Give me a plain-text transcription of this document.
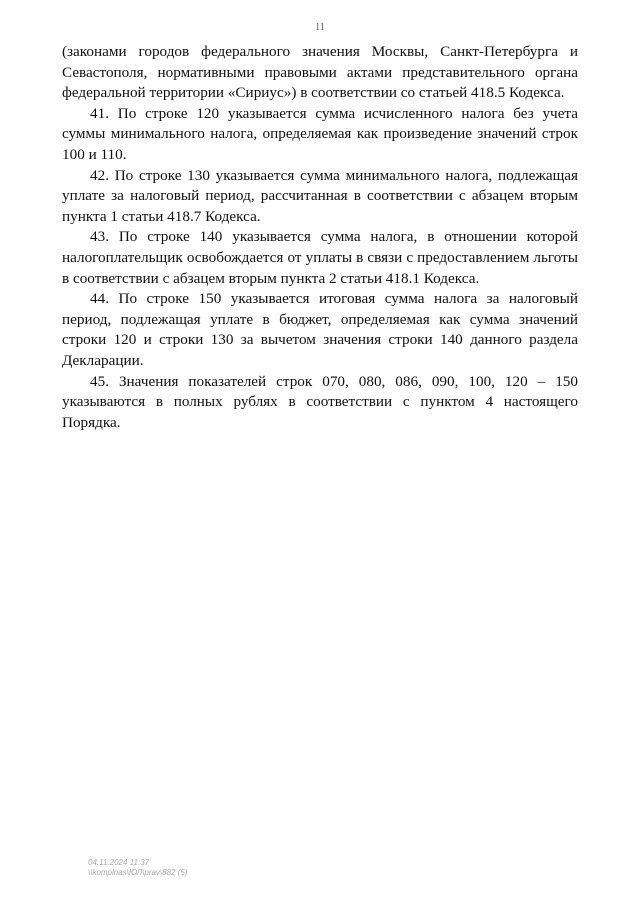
11

(законами городов федерального значения Москвы, Санкт-Петербурга и Севастополя, нормативными правовыми актами представительного органа федеральной территории «Сириус») в соответствии со статьей 418.5 Кодекса.

41. По строке 120 указывается сумма исчисленного налога без учета суммы минимального налога, определяемая как произведение значений строк 100 и 110.

42. По строке 130 указывается сумма минимального налога, подлежащая уплате за налоговый период, рассчитанная в соответствии с абзацем вторым пункта 1 статьи 418.7 Кодекса.

43. По строке 140 указывается сумма налога, в отношении которой налогоплательщик освобождается от уплаты в связи с предоставлением льготы в соответствии с абзацем вторым пункта 2 статьи 418.1 Кодекса.

44. По строке 150 указывается итоговая сумма налога за налоговый период, подлежащая уплате в бюджет, определяемая как сумма значений строки 120 и строки 130 за вычетом значения строки 140 данного раздела Декларации.

45. Значения показателей строк 070, 080, 086, 090, 100, 120 – 150 указываются в полных рублях в соответствии с пунктом 4 настоящего Порядка.

04.11.2024 11:37
\\komplnas\ЮЛ\prav\882 (5)
